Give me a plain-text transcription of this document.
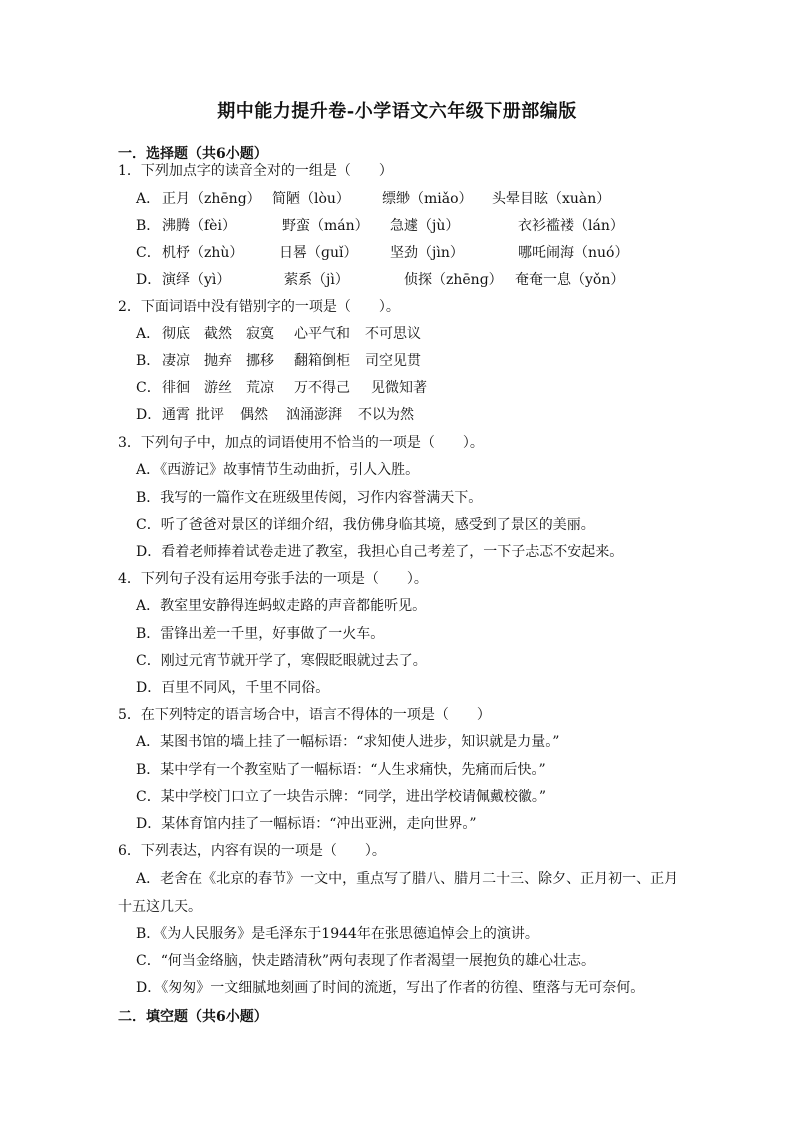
期中能力提升卷-小学语文六年级下册部编版
一．选择题（共6小题）
1．下列加点字的读音全对的一组是（　　）
A． 正月（zhēng） 简陋（lòu） 缥缈（miǎo） 头晕目眩（xuàn）
B． 沸腾（fèi）	野蛮（mán） 急遽（jù）	衣衫褴褛（lán）
C． 机杼（zhù）	日晷（ɡuǐ） 坚劲（jìn）	哪吒闹海（nuó）
D． 演绎（yì）	萦系（jì）	侦探（zhēnɡ） 奄奄一息（yǒn）
2．下面词语中没有错别字的一项是（　　）。
A． 彻底 截然 寂寞 心平气和 不可思议
B． 凄凉 抛弃 挪移 翻箱倒柜 司空见贯
C． 徘徊 游丝 荒凉 万不得己 见微知著
D． 通霄 批评 偶然 汹涌澎湃 不以为然
3．下列句子中，加点的词语使用不恰当的一项是（　　）。
A．《西游记》故事情节生动曲折，引人入胜。
B．我写的一篇作文在班级里传阅，习作内容誉满天下。
C．听了爸爸对景区的详细介绍，我仿佛身临其境，感受到了景区的美丽。
D．看着老师捧着试卷走进了教室，我担心自己考差了，一下子忐忑不安起来。
4．下列句子没有运用夸张手法的一项是（　　）。
A．教室里安静得连蚂蚁走路的声音都能听见。
B．雷锋出差一千里，好事做了一火车。
C．刚过元宵节就开学了，寒假眨眼就过去了。
D．百里不同风，千里不同俗。
5．在下列特定的语言场合中，语言不得体的一项是（　　）
A．某图书馆的墙上挂了一幅标语：“求知使人进步，知识就是力量。”
B．某中学有一个教室贴了一幅标语：“人生求痛快，先痛而后快。”
C．某中学校门口立了一块告示牌：“同学，进出学校请佩戴校徽。”
D．某体育馆内挂了一幅标语：“冲出亚洲，走向世界。”
6．下列表达，内容有误的一项是（　　）。
A．老舍在《北京的春节》一文中，重点写了腊八、腊月二十三、除夕、正月初一、正月
十五这几天。
B．《为人民服务》是毛泽东于1944年在张思德追悼会上的演讲。
C．“何当金络脑，快走踏清秋”两句表现了作者渴望一展抱负的雄心壮志。
D．《匆匆》一文细腻地刻画了时间的流逝，写出了作者的彷徨、堕落与无可奈何。
二．填空题（共6小题）
